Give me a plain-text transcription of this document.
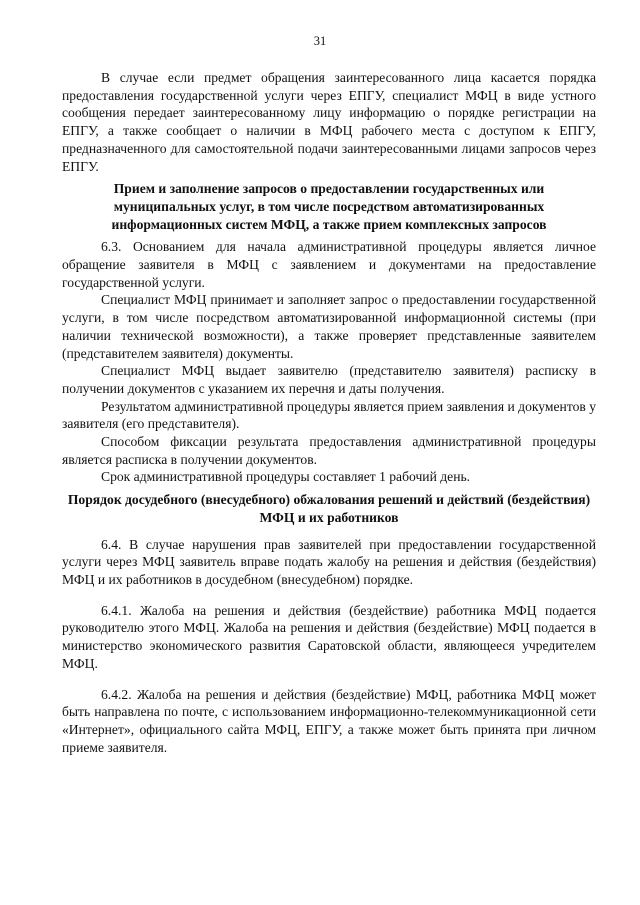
31

В случае если предмет обращения заинтересованного лица касается порядка предоставления государственной услуги через ЕПГУ, специалист МФЦ в виде устного сообщения передает заинтересованному лицу информацию о порядке регистрации на ЕПГУ, а также сообщает о наличии в МФЦ рабочего места с доступом к ЕПГУ, предназначенного для самостоятельной подачи заинтересованными лицами запросов через ЕПГУ.

Прием и заполнение запросов о предоставлении государственных или муниципальных услуг, в том числе посредством автоматизированных информационных систем МФЦ, а также прием комплексных запросов

6.3. Основанием для начала административной процедуры является личное обращение заявителя в МФЦ с заявлением и документами на предоставление государственной услуги.

Специалист МФЦ принимает и заполняет запрос о предоставлении государственной услуги, в том числе посредством автоматизированной информационной системы (при наличии технической возможности), а также проверяет представленные заявителем (представителем заявителя) документы.

Специалист МФЦ выдает заявителю (представителю заявителя) расписку в получении документов с указанием их перечня и даты получения.

Результатом административной процедуры является прием заявления и документов у заявителя (его представителя).

Способом фиксации результата предоставления административной процедуры является расписка в получении документов.

Срок административной процедуры составляет 1 рабочий день.

Порядок досудебного (внесудебного) обжалования решений и действий (бездействия) МФЦ и их работников

6.4. В случае нарушения прав заявителей при предоставлении государственной услуги через МФЦ заявитель вправе подать жалобу на решения и действия (бездействия) МФЦ и их работников в досудебном (внесудебном) порядке.

6.4.1. Жалоба на решения и действия (бездействие) работника МФЦ подается руководителю этого МФЦ. Жалоба на решения и действия (бездействие) МФЦ подается в министерство экономического развития Саратовской области, являющееся учредителем МФЦ.

6.4.2. Жалоба на решения и действия (бездействие) МФЦ, работника МФЦ может быть направлена по почте, с использованием информационно-телекоммуникационной сети «Интернет», официального сайта МФЦ, ЕПГУ, а также может быть принята при личном приеме заявителя.
